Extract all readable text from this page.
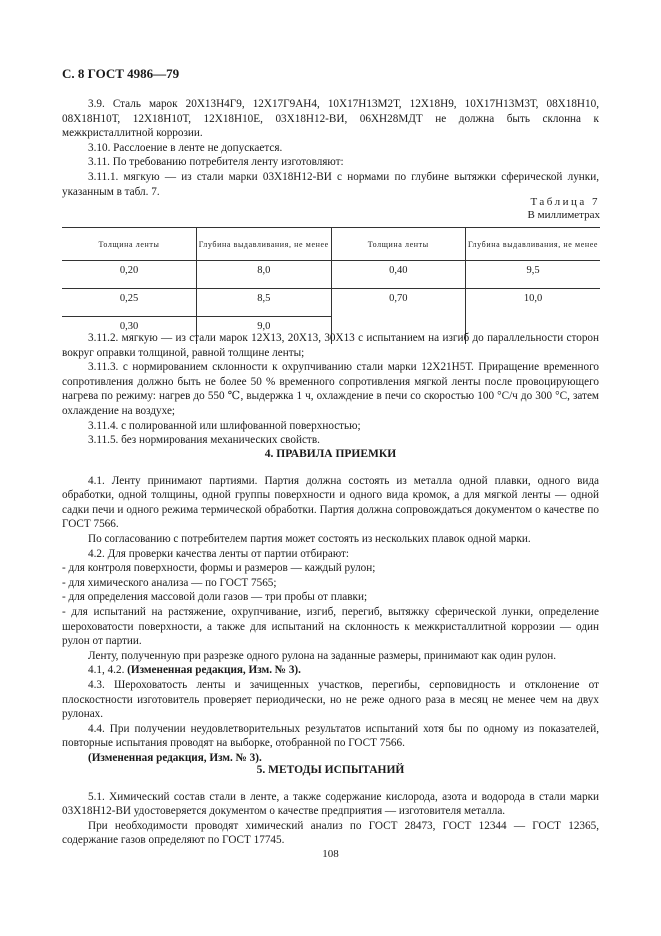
С. 8 ГОСТ 4986—79

3.9. Сталь марок 20Х13Н4Г9, 12Х17Г9АН4, 10Х17Н13М2Т, 12Х18Н9, 10Х17Н13М3Т, 08Х18Н10, 08Х18Н10Т, 12Х18Н10Т, 12Х18Н10Е, 03Х18Н12-ВИ, 06ХН28МДТ не должна быть склонна к межкристаллитной коррозии.

3.10. Расслоение в ленте не допускается.

3.11. По требованию потребителя ленту изготовляют:

3.11.1. мягкую — из стали марки 03Х18Н12-ВИ с нормами по глубине вытяжки сферической лунки, указанным в табл. 7.

Таблица 7
В миллиметрах
Толщина ленты	Глубина выдавливания, не менее	Толщина ленты	Глубина выдавливания, не менее
0,20	8,0	0,40	9,5
0,25	8,5	0,70	10,0
0,30	9,0		

3.11.2. мягкую — из стали марок 12Х13, 20Х13, 30Х13 с испытанием на изгиб до параллельности сторон вокруг оправки толщиной, равной толщине ленты;

3.11.3. с нормированием склонности к охрупчиванию стали марки 12Х21Н5Т. Приращение временного сопротивления должно быть не более 50 % временного сопротивления мягкой ленты после провоцирующего нагрева по режиму: нагрев до 550 ℃, выдержка 1 ч, охлаждение в печи со скоростью 100 °С/ч до 300 °С, затем охлаждение на воздухе;

3.11.4. с полированной или шлифованной поверхностью;

3.11.5. без нормирования механических свойств.

4. ПРАВИЛА ПРИЕМКИ

4.1. Ленту принимают партиями. Партия должна состоять из металла одной плавки, одного вида обработки, одной толщины, одной группы поверхности и одного вида кромок, а для мягкой ленты — одной садки печи и одного режима термической обработки. Партия должна сопровождаться документом о качестве по ГОСТ 7566.

По согласованию с потребителем партия может состоять из нескольких плавок одной марки.

4.2. Для проверки качества ленты от партии отбирают:

- для контроля поверхности, формы и размеров — каждый рулон;

- для химического анализа — по ГОСТ 7565;

- для определения массовой доли газов — три пробы от плавки;

- для испытаний на растяжение, охрупчивание, изгиб, перегиб, вытяжку сферической лунки, определение шероховатости поверхности, а также для испытаний на склонность к межкристаллитной коррозии — один рулон от партии.

Ленту, полученную при разрезке одного рулона на заданные размеры, принимают как один рулон.

4.1, 4.2. (Измененная редакция, Изм. № 3).

4.3. Шероховатость ленты и зачищенных участков, перегибы, серповидность и отклонение от плоскостности изготовитель проверяет периодически, но не реже одного раза в месяц не менее чем на двух рулонах.

4.4. При получении неудовлетворительных результатов испытаний хотя бы по одному из показателей, повторные испытания проводят на выборке, отобранной по ГОСТ 7566.

(Измененная редакция, Изм. № 3).

5. МЕТОДЫ ИСПЫТАНИЙ

5.1. Химический состав стали в ленте, а также содержание кислорода, азота и водорода в стали марки 03Х18Н12-ВИ удостоверяется документом о качестве предприятия — изготовителя металла.

При необходимости проводят химический анализ по ГОСТ 28473, ГОСТ 12344 — ГОСТ 12365, содержание газов определяют по ГОСТ 17745.

108
